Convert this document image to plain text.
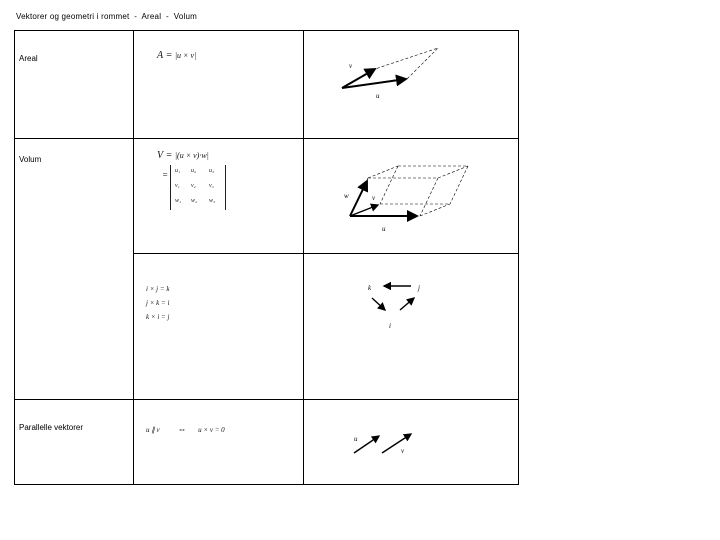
Vektorer og geometri i rommet  -  Areal  -  Volum
Areal
Volum
Parallelle vektorer
A = |u × v|
V = |(u × v)·w|
= u₁ u₂ u₃
v₁ v₂ v₃
w₁ w₂ w₃
i × j = k
j × k = i
k × i = j
u ∥ v ⇔ u × v = 0
u
v
u
v
w
k	j
i
u
v
